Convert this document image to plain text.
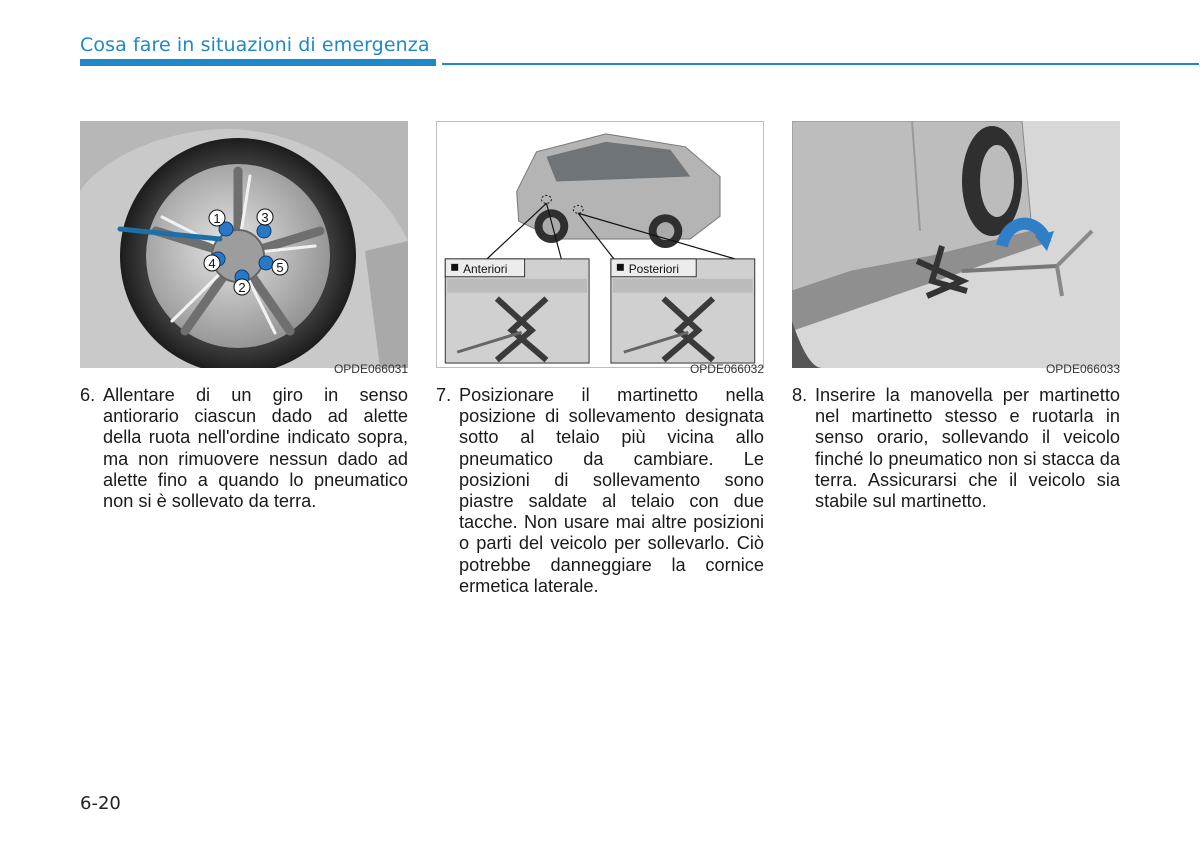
Cosa fare in situazioni di emergenza
1
2
3
4	5
OPDE066031
Anteriori	Posteriori
OPDE066032	OPDE066033
6. Allentare di un giro in senso antiorario ciascun dado ad alette della ruota nell'ordine indicato sopra, ma non rimuovere nessun dado ad alette fino a quando lo pneumatico non si è sollevato da terra.
7. Posizionare il martinetto nella posizione di sollevamento designata sotto al telaio più vicina allo pneumatico da cambiare. Le posizioni di sollevamento sono piastre saldate al telaio con due tacche. Non usare mai altre posizioni o parti del veicolo per sollevarlo. Ciò potrebbe danneggiare la cornice ermetica laterale.
8. Inserire la manovella per martinetto nel martinetto stesso e ruotarla in senso orario, sollevando il veicolo finché lo pneumatico non si stacca da terra. Assicurarsi che il veicolo sia stabile sul martinetto.
6-20
